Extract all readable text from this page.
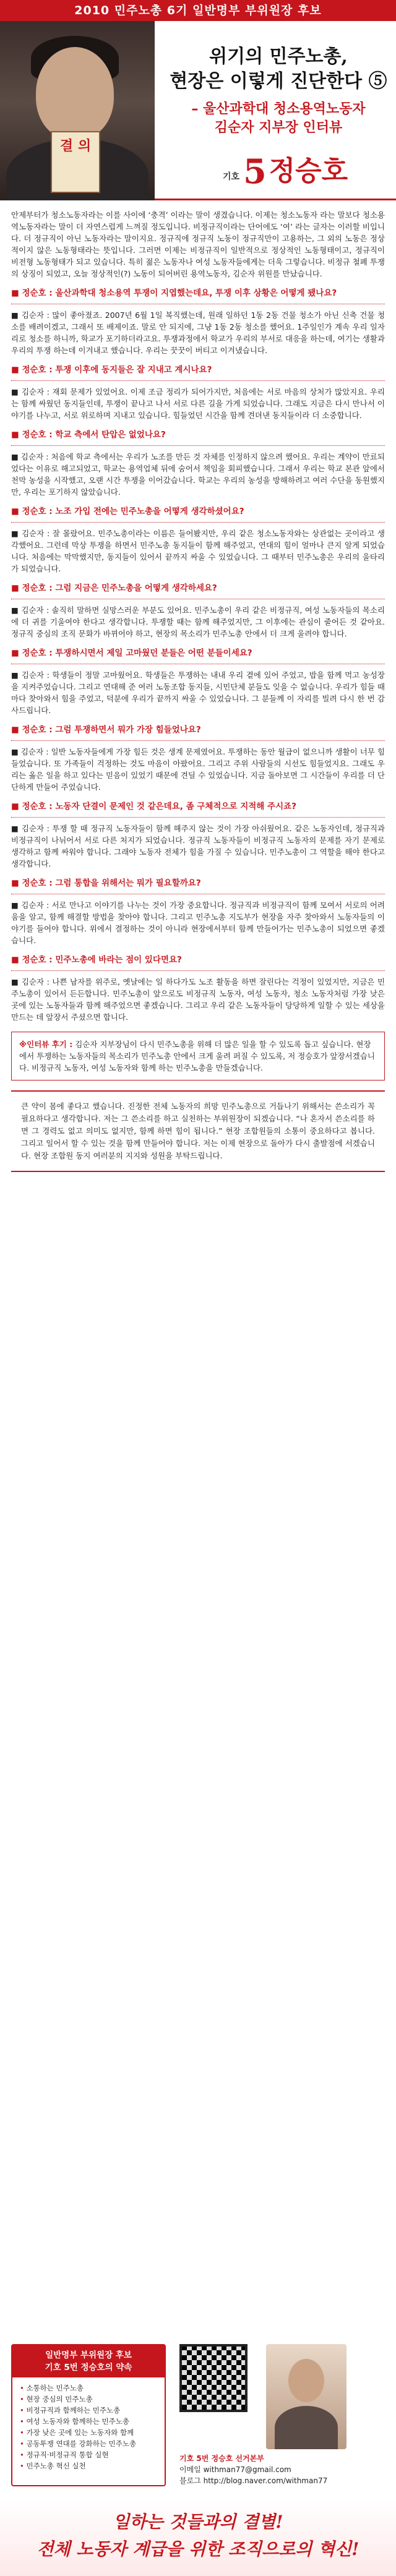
2010 민주노총 6기 일반명부 부위원장 후보
결 의
위기의 민주노총,
현장은 이렇게 진단한다 ⑤
– 울산과학대 청소용역노동자
김순자 지부장 인터뷰
기호 5 정승호

안제부터가 청소노동자라는 이를 사이에 ‘충격’ 이라는 말이 생겼습니다. 이제는 청소노동자 라는 말보다 청소용역노동자라는 말이 더 자연스럽게 느껴질 정도입니다. 비정규직이라는 단어에도 ‘여’ 라는 글자는 이러할 비입니다. 더 정규직이 아닌 노동자라는 말이지요. 정규직에 정규직 노동이 정규직만이 고용하는, 그 외의 노동은 정상적이지 않은 노동형태라는 뜻입니다. 그러면 이제는 비정규직이 일반적으로 정상적인 노동형태이고, 정규직이 비전형 노동형태가 되고 있습니다. 특히 젊은 노동자나 여성 노동자들에게는 더욱 그렇습니다. 비정규 철폐 투쟁의 상징이 되었고, 오늘 정상적인(?) 노동이 되어버린 용역노동자, 김순자 위원를 만났습니다.

■ 정순호 : 울산과학대 청소용역 투쟁이 지엽했는데요, 투쟁 이후 상황은 어떻게 됐나요?

■ 김순자 : 많이 좋아졌죠. 2007년 6월 1일 복직했는데, 원래 일하던 1동 2동 건물 청소가 아닌 신축 건물 청소를 배려이겠고, 그래서 또 배제이죠. 말로 안 되지에, 그냥 1동 2동 청소를 했어요. 1주일인가 계속 우리 일자리로 청소를 하니까, 학교가 포기하더라고요. 투쟁과정에서 학교가 우리의 부서로 대응을 하는데, 여기는 생활과 우리의 투쟁 하는데 이겨내고 했습니다. 우리는 꿋꿋이 버티고 이겨냈습니다.

■ 정순호 : 투쟁 이후에 동지들은 잘 지내고 계시나요?

■ 김순자 : 재회 문제가 있었어요. 이제 조금 정리가 되어가지만, 처음에는 서로 마음의 상처가 많았지요. 우리는 함께 싸웠던 동지들인데, 투쟁이 끝나고 나서 서로 다른 길을 가게 되었습니다. 그래도 지금은 다시 만나서 이야기를 나누고, 서로 위로하며 지내고 있습니다. 힘들었던 시간을 함께 견뎌낸 동지들이라 더 소중합니다.

■ 정순호 : 학교 측에서 탄압은 없었나요?

■ 김순자 : 처음에 학교 측에서는 우리가 노조를 만든 것 자체를 인정하지 않으려 했어요. 우리는 계약이 만료되었다는 이유로 해고되었고, 학교는 용역업체 뒤에 숨어서 책임을 회피했습니다. 그래서 우리는 학교 본관 앞에서 천막 농성을 시작했고, 오랜 시간 투쟁을 이어갔습니다. 학교는 우리의 농성을 방해하려고 여러 수단을 동원했지만, 우리는 포기하지 않았습니다.

■ 정순호 : 노조 가입 전에는 민주노총을 어떻게 생각하셨어요?

■ 김순자 : 잘 몰랐어요. 민주노총이라는 이름은 들어봤지만, 우리 같은 청소노동자와는 상관없는 곳이라고 생각했어요. 그런데 막상 투쟁을 하면서 민주노총 동지들이 함께 해주었고, 연대의 힘이 얼마나 큰지 알게 되었습니다. 처음에는 막막했지만, 동지들이 있어서 끝까지 싸울 수 있었습니다. 그 때부터 민주노총은 우리의 울타리가 되었습니다.

■ 정순호 : 그럼 지금은 민주노총을 어떻게 생각하세요?

■ 김순자 : 솔직히 말하면 실망스러운 부분도 있어요. 민주노총이 우리 같은 비정규직, 여성 노동자들의 목소리에 더 귀를 기울여야 한다고 생각합니다. 투쟁할 때는 함께 해주었지만, 그 이후에는 관심이 줄어든 것 같아요. 정규직 중심의 조직 문화가 바뀌어야 하고, 현장의 목소리가 민주노총 안에서 더 크게 울려야 합니다.

■ 정순호 : 투쟁하시면서 제일 고마웠던 분들은 어떤 분들이세요?

■ 김순자 : 학생들이 정말 고마웠어요. 학생들은 투쟁하는 내내 우리 곁에 있어 주었고, 밥을 함께 먹고 농성장을 지켜주었습니다. 그리고 연대해 준 여러 노동조합 동지들, 시민단체 분들도 잊을 수 없습니다. 우리가 힘들 때마다 찾아와서 힘을 주었고, 덕분에 우리가 끝까지 싸울 수 있었습니다. 그 분들께 이 자리를 빌려 다시 한 번 감사드립니다.

■ 정순호 : 그럼 투쟁하면서 뭐가 가장 힘들었나요?

■ 김순자 : 일반 노동자들에게 가장 힘든 것은 생계 문제였어요. 투쟁하는 동안 월급이 없으니까 생활이 너무 힘들었습니다. 또 가족들이 걱정하는 것도 마음이 아팠어요. 그리고 주위 사람들의 시선도 힘들었지요. 그래도 우리는 옳은 일을 하고 있다는 믿음이 있었기 때문에 견딜 수 있었습니다. 지금 돌아보면 그 시간들이 우리를 더 단단하게 만들어 주었습니다.

■ 정순호 : 노동자 단결이 문제인 것 같은데요, 좀 구체적으로 지적해 주시죠?

■ 김순자 : 투쟁 할 때 정규직 노동자들이 함께 해주지 않는 것이 가장 아쉬웠어요. 같은 노동자인데, 정규직과 비정규직이 나뉘어서 서로 다른 처지가 되었습니다. 정규직 노동자들이 비정규직 노동자의 문제를 자기 문제로 생각하고 함께 싸워야 합니다. 그래야 노동자 전체가 힘을 가질 수 있습니다. 민주노총이 그 역할을 해야 한다고 생각합니다.

■ 정순호 : 그럼 통합을 위해서는 뭐가 필요할까요?

■ 김순자 : 서로 만나고 이야기를 나누는 것이 가장 중요합니다. 정규직과 비정규직이 함께 모여서 서로의 어려움을 알고, 함께 해결할 방법을 찾아야 합니다. 그리고 민주노총 지도부가 현장을 자주 찾아와서 노동자들의 이야기를 들어야 합니다. 위에서 결정하는 것이 아니라 현장에서부터 함께 만들어가는 민주노총이 되었으면 좋겠습니다.

■ 정순호 : 민주노총에 바라는 점이 있다면요?

■ 김순자 : 나쁜 남자를 위주로, 옛날에는 일 하다가도 노조 활동을 하면 잘린다는 걱정이 있었지만, 지금은 민주노총이 있어서 든든합니다. 민주노총이 앞으로도 비정규직 노동자, 여성 노동자, 청소 노동자처럼 가장 낮은 곳에 있는 노동자들과 함께 해주었으면 좋겠습니다. 그리고 우리 같은 노동자들이 당당하게 일할 수 있는 세상을 만드는 데 앞장서 주셨으면 합니다.

※인터뷰 후기 : 김순자 지부장님이 다시 민주노총을 위해 더 많은 일을 할 수 있도록 돕고 싶습니다. 현장에서 투쟁하는 노동자들의 목소리가 민주노총 안에서 크게 울려 퍼질 수 있도록, 저 정승호가 앞장서겠습니다. 비정규직 노동자, 여성 노동자와 함께 하는 민주노총을 만들겠습니다.

큰 약이 몸에 좋다고 했습니다. 진정한 전체 노동자의 희망 민주노총으로 거듭나기 위해서는 쓴소리가 꼭 필요하다고 생각합니다. 저는 그 쓴소리를 하고 실천하는 부위원장이 되겠습니다. “나 혼자서 쓴소리를 하면 그 경력도 없고 의미도 없지만, 함께 하면 힘이 됩니다.” 현장 조합원들의 소통이 중요하다고 봅니다. 그리고 일어서 할 수 있는 것을 함께 만들어야 합니다. 저는 이제 현장으로 돌아가 다시 출발점에 서겠습니다. 현장 조합원 동지 여러분의 지지와 성원을 부탁드립니다.

일반명부 부위원장 후보
기호 5번 정승호의 약속
• 소통하는 민주노총
• 현장 중심의 민주노총
• 비정규직과 함께하는 민주노총
• 여성 노동자와 함께하는 민주노총
• 가장 낮은 곳에 있는 노동자와 함께
• 공동투쟁 연대를 강화하는 민주노총
• 정규직·비정규직 통합 실현
• 민주노총 혁신 실천
기호 5번 정승호 선거본부
이메일 withman77@gmail.com
블로그 http://blog.naver.com/withman77
일하는 것들과의 결별!
전체 노동자 계급을 위한 조직으로의 혁신!
